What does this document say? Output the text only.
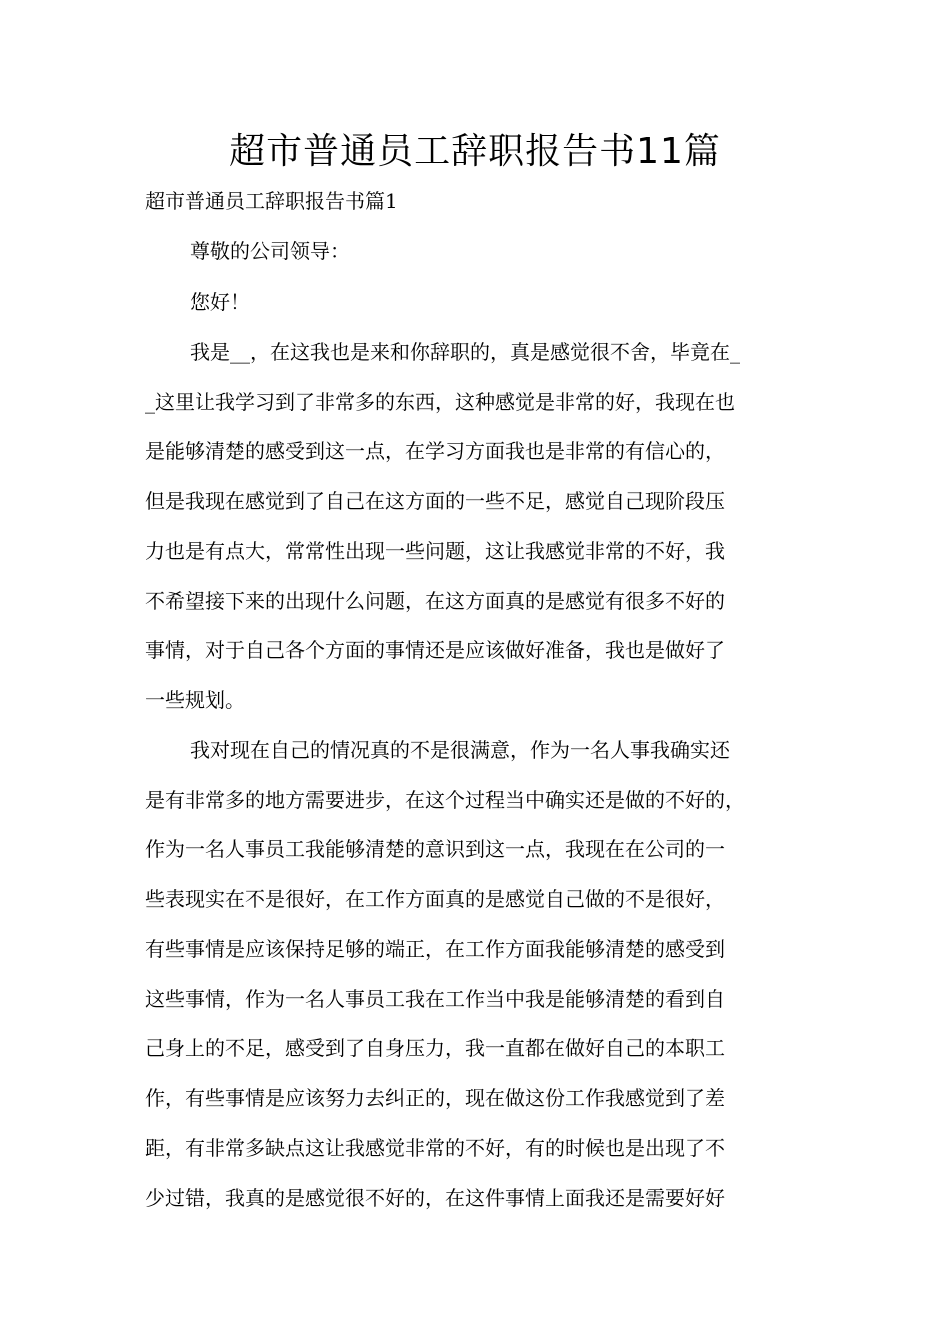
超市普通员工辞职报告书11篇
超市普通员工辞职报告书篇1

尊敬的公司领导：

您好！

我是__，在这我也是来和你辞职的，真是感觉很不舍，毕竟在_

_这里让我学习到了非常多的东西，这种感觉是非常的好，我现在也

是能够清楚的感受到这一点，在学习方面我也是非常的有信心的，

但是我现在感觉到了自己在这方面的一些不足，感觉自己现阶段压

力也是有点大，常常性出现一些问题，这让我感觉非常的不好，我

不希望接下来的出现什么问题，在这方面真的是感觉有很多不好的

事情，对于自己各个方面的事情还是应该做好准备，我也是做好了

一些规划。

我对现在自己的情况真的不是很满意，作为一名人事我确实还

是有非常多的地方需要进步，在这个过程当中确实还是做的不好的，

作为一名人事员工我能够清楚的意识到这一点，我现在在公司的一

些表现实在不是很好，在工作方面真的是感觉自己做的不是很好，

有些事情是应该保持足够的端正，在工作方面我能够清楚的感受到

这些事情，作为一名人事员工我在工作当中我是能够清楚的看到自

己身上的不足，感受到了自身压力，我一直都在做好自己的本职工

作，有些事情是应该努力去纠正的，现在做这份工作我感觉到了差

距，有非常多缺点这让我感觉非常的不好，有的时候也是出现了不

少过错，我真的是感觉很不好的，在这件事情上面我还是需要好好
